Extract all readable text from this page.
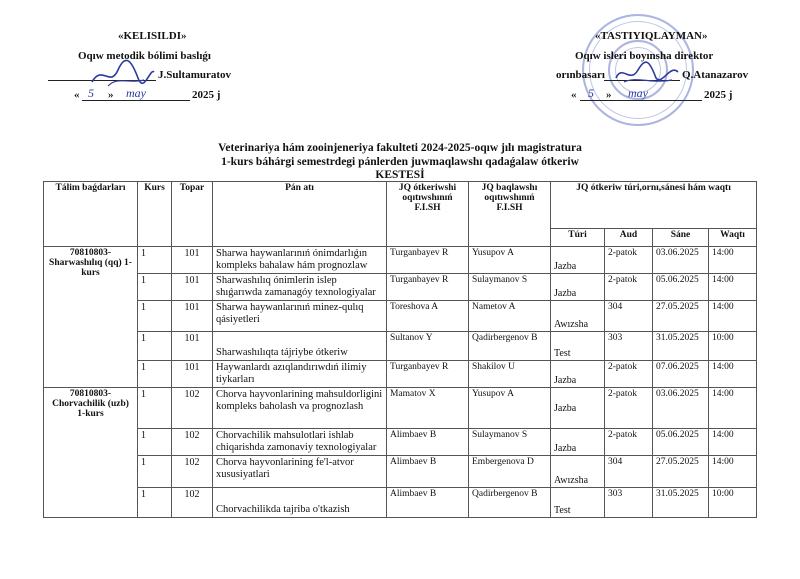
«KELISILDI»
Oqıw metodik bólimi baslıǵı
J.Sultamuratov
« 5 » may	2025 j
«TASTIYIQLAYMAN»
Oqıw isleri boyınsha direktor
orınbasarı	Q.Atanazarov
« 5 » may	2025 j
Veterinariya hám zooinjeneriya fakulteti 2024-2025-oqıw jılı magistratura
1-kurs báhárgi semestrdegi pánlerden juwmaqlawshı qadaǵalaw ótkeriw
KESTESİ
Tálim baǵdarları	Kurs	Topar	Pán atı	JQ ótkeriwshi oqıtıwshınıń F.I.SH	JQ baqlawshı oqıtıwshınıń F.I.SH	JQ ótkeriw túri,ornı,sánesi hám waqtı			
						Túri	Aud	Sáne	Waqtı
70810803-Sharwashılıq (qq) 1-kurs	1	101	Sharwa haywanlarınıń ónimdarlıǵın kompleks bahalaw hám prognozlaw	Turganbayev R	Yusupov A	Jazba	2-patok	03.06.2025	14:00
	1	101	Sharwashılıq ónimlerin islep shıǵarıwda zamanagóy texnologiyalar	Turganbayev R	Sulaymanov S	Jazba	2-patok	05.06.2025	14:00
	1	101	Sharwa haywanlarınıń minez-qulıq qásiyetleri	Toreshova A	Nametov A	Awızsha	304	27.05.2025	14:00
	1	101	Sharwashılıqta tájriybe ótkeriw	Sultanov Y	Qadirbergenov B	Test	303	31.05.2025	10:00
	1	101	Haywanlardı azıqlandırıwdıń ilimiy tiykarları	Turganbayev R	Shakilov U	Jazba	2-patok	07.06.2025	14:00
70810803-Chorvachilik (uzb) 1-kurs	1	102	Chorva hayvonlarining mahsuldorligini kompleks baholash va prognozlash	Mamatov X	Yusupov A	Jazba	2-patok	03.06.2025	14:00
	1	102	Chorvachilik mahsulotlari ishlab chiqarishda zamonaviy texnologiyalar	Alimbaev B	Sulaymanov S	Jazba	2-patok	05.06.2025	14:00
	1	102	Chorva hayvonlarining fe'l-atvor xususiyatlari	Alimbaev B	Embergenova D	Awızsha	304	27.05.2025	14:00
	1	102	Chorvachilikda tajriba o'tkazish	Alimbaev B	Qadirbergenov B	Test	303	31.05.2025	10:00
